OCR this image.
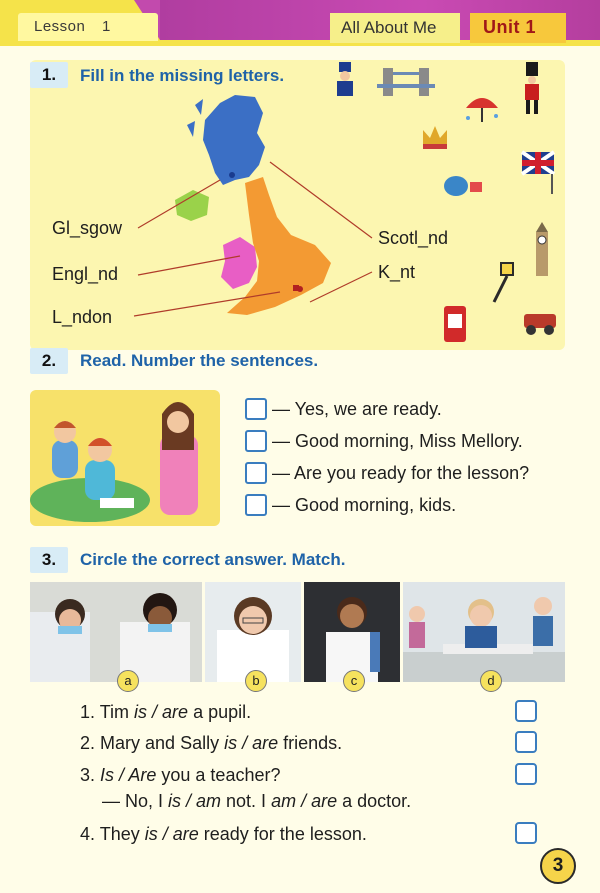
Lesson 1	All About Me	Unit 1
1.	Fill in the missing letters.
Gl_sgow
Engl_nd
L_ndon
Scotl_nd
K_nt
2.	Read. Number the sentences.
— Yes, we are ready.
— Good morning, Miss Mellory.
— Are you ready for the lesson?
— Good morning, kids.
3.	Circle the correct answer. Match.
a	b	c	d
1. Tim is / are a pupil.
2. Mary and Sally is / are friends.
3. Is / Are you a teacher?
— No, I is / am not. I am / are a doctor.
4. They is / are ready for the lesson.
3
